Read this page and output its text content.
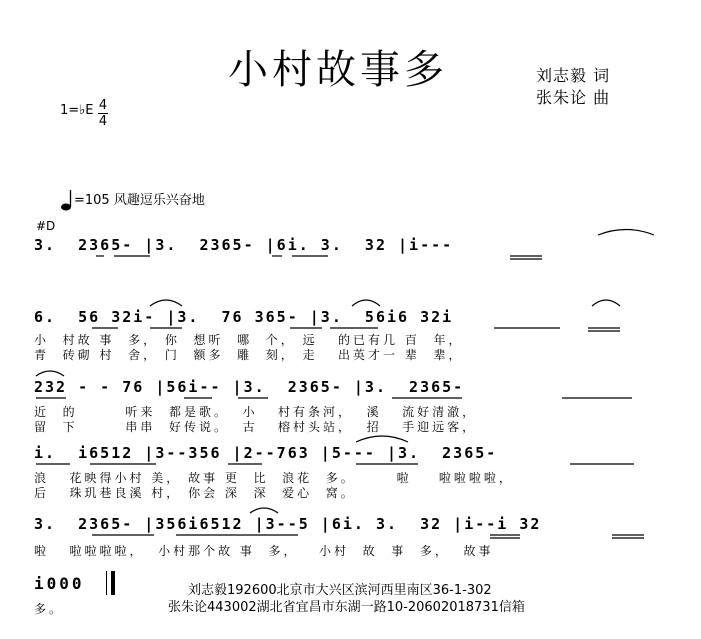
小村故事多	刘志毅 词
张朱论 曲
1=♭E 4
4
=105 风趣逗乐兴奋地
#D
3.  2365- |3.  2365- |6i. 3.  32 |i---
6.  56 32i- |3.  76 365- |3.  56i6 32i
小  村故 事  多， 你  想听  哪  个， 远   的已有几 百  年，
青  砖砌 村  舍， 门  额多  雕  刻， 走   出英才一 辈  辈，
232 - - 76 |56i-- |3.  2365- |3.  2365-
近  的       听来  都是歌。  小   村有条河，  溪   流好清澈，
留  下       串串  好传说。  古   榕村头站，  招   手迎远客，
i.  i6512 |3--356 |2--763 |5--- |3.  2365-
浪   花映得小村 美， 故事 更  比  浪花  多。      啦    啦啦啦啦，
后   珠玑巷良溪 村， 你会 深  深  爱心  窝。
3.  2365- |356i6512 |3--5 |6i. 3.  32 |i--i 32
啦   啦啦啦啦，  小村那个故 事  多，   小村  故  事  多，  故事
i000
多。
刘志毅192600北京市大兴区滨河西里南区36-1-302
张朱论443002湖北省宜昌市东湖一路10-20602018731信箱
